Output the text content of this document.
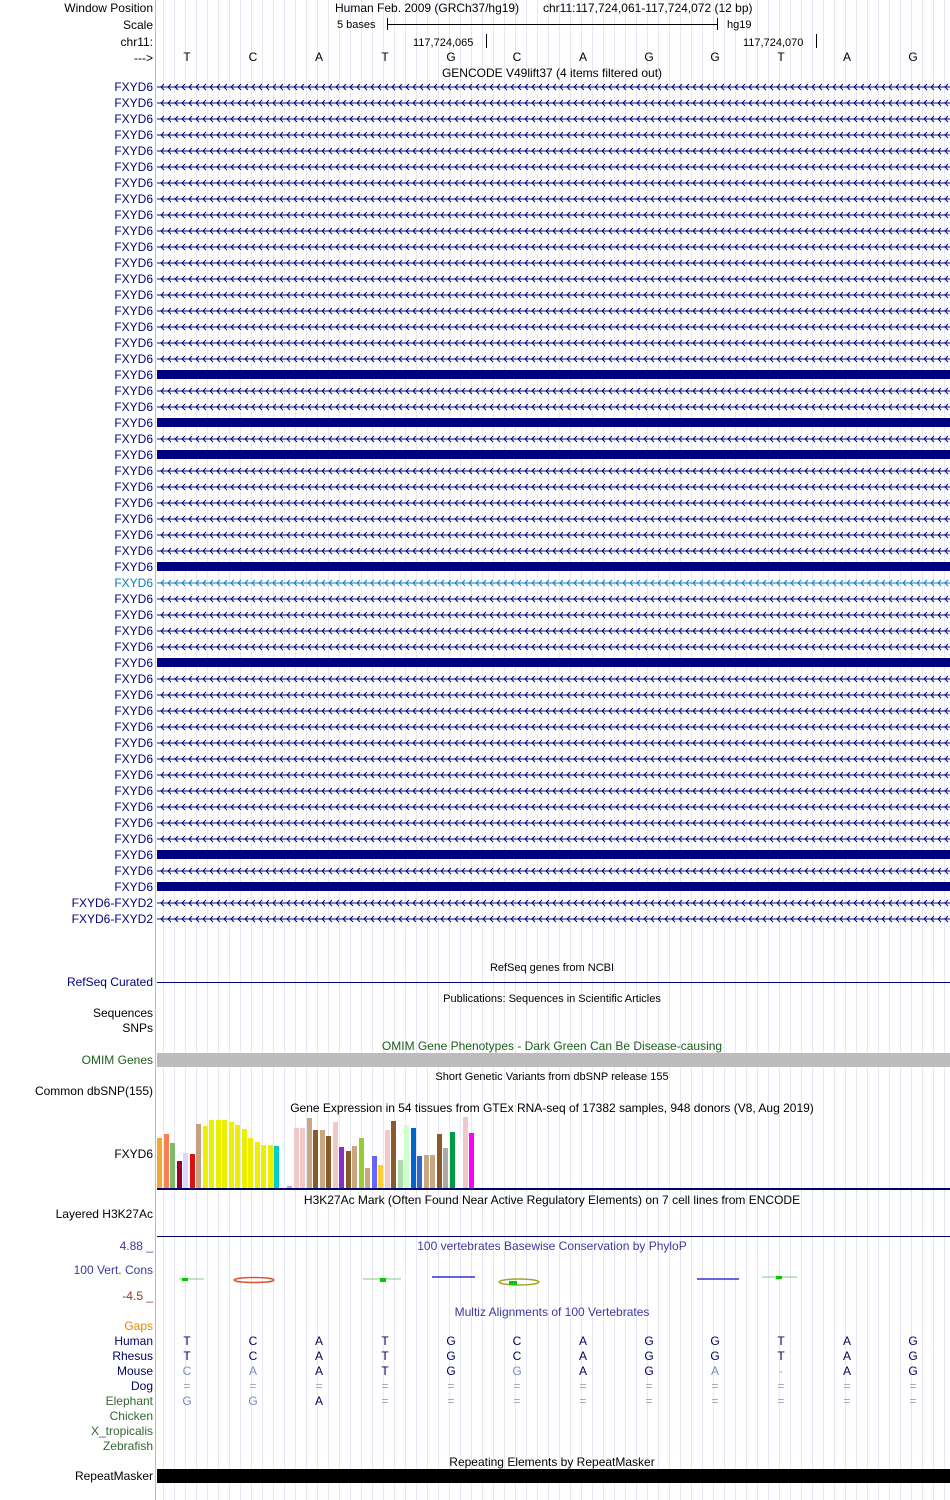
Window Position	Human Feb. 2009 (GRCh37/hg19) chr11:117,724,061-117,724,072 (12 bp)
Scale	5 bases	hg19
chr11:	117,724,065	117,724,070
--->	T	C	A	T	G	C	A	G	G	T	A	G
GENCODE V49lift37 (4 items filtered out)
FXYD6
FXYD6
FXYD6
FXYD6
FXYD6
FXYD6
FXYD6
FXYD6
FXYD6
FXYD6
FXYD6
FXYD6
FXYD6
FXYD6
FXYD6
FXYD6
FXYD6
FXYD6
FXYD6
FXYD6
FXYD6
FXYD6
FXYD6
FXYD6
FXYD6
FXYD6
FXYD6
FXYD6
FXYD6
FXYD6
FXYD6
FXYD6
FXYD6
FXYD6
FXYD6
FXYD6
FXYD6
FXYD6
FXYD6
FXYD6
FXYD6
FXYD6
FXYD6
FXYD6
FXYD6
FXYD6
FXYD6
FXYD6
FXYD6
FXYD6
FXYD6
FXYD6-FXYD2
FXYD6-FXYD2
RefSeq genes from NCBI
RefSeq Curated
Publications: Sequences in Scientific Articles
Sequences
SNPs
OMIM Gene Phenotypes - Dark Green Can Be Disease-causing
OMIM Genes
Short Genetic Variants from dbSNP release 155
Common dbSNP(155)
Gene Expression in 54 tissues from GTEx RNA-seq of 17382 samples, 948 donors (V8, Aug 2019)
FXYD6
H3K27Ac Mark (Often Found Near Active Regulatory Elements) on 7 cell lines from ENCODE
Layered H3K27Ac
100 vertebrates Basewise Conservation by PhyloP
4.88 _
100 Vert. Cons
-4.5 _
Multiz Alignments of 100 Vertebrates
Gaps
Human	T	C	A	T	G	C	A	G	G	T	A	G
Rhesus	T	C	A	T	G	C	A	G	G	T	A	G
Mouse C	A	A	T	G	G	A	G	A	-	A	G
Dog	=	=	=	=	=	=	=	=	=	=	=	=
Elephant G	G	A	=	=	=	=	=	=	=	=	=
Chicken
X_tropicalis
Zebrafish
Repeating Elements by RepeatMasker
RepeatMasker
